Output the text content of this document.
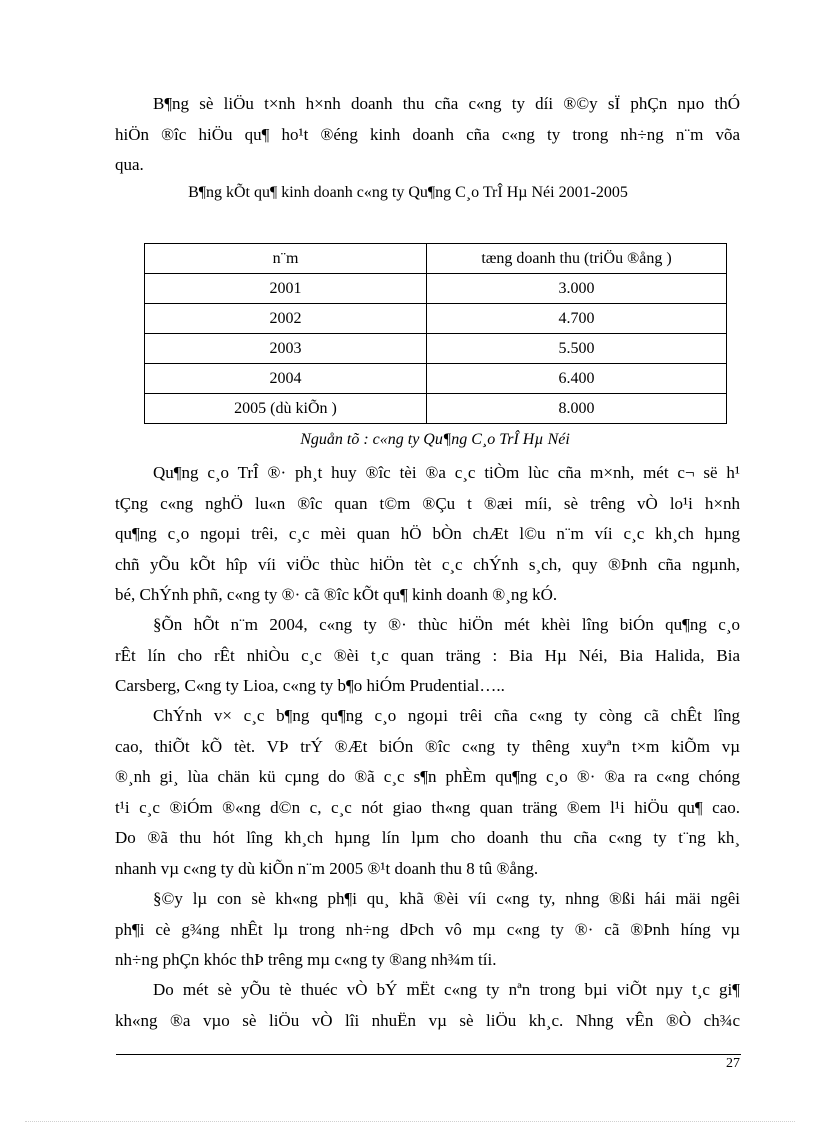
B¶ng sè liÖu t×nh h×nh doanh thu cña c«ng ty díi ®©y sÏ phÇn nµo thÓ
hiÖn ®îc hiÖu qu¶ ho¹t ®éng kinh doanh cña c«ng ty trong nh÷ng n¨m võa
qua.
B¶ng kÕt qu¶ kinh doanh c«ng ty Qu¶ng C¸o TrÎ Hµ Néi 2001-2005
n¨m	tæng doanh thu (triÖu ®ång )
2001	3.000
2002	4.700
2003	5.500
2004	6.400
2005 (dù kiÕn )	8.000
Nguån tõ : c«ng ty Qu¶ng C¸o TrÎ Hµ Néi
Qu¶ng c¸o TrÎ ®· ph¸t huy ®îc tèi ®a c¸c tiÒm lùc cña m×nh, mét c¬ së h¹
tÇng c«ng nghÖ lu«n ®îc quan t©m ®Çu t ®æi míi, sè trêng vÒ lo¹i h×nh
qu¶ng c¸o ngoµi trêi, c¸c mèi quan hÖ bÒn chÆt l©u n¨m víi c¸c kh¸ch hµng
chñ yÕu kÕt hîp víi viÖc thùc hiÖn tèt c¸c chÝnh s¸ch, quy ®Þnh cña ngµnh,
bé, ChÝnh phñ, c«ng ty ®· cã ®îc kÕt qu¶ kinh doanh ®¸ng kÓ.
§Õn hÕt n¨m 2004, c«ng ty ®· thùc hiÖn mét khèi lîng biÓn qu¶ng c¸o
rÊt lín cho rÊt nhiÒu c¸c ®èi t¸c quan träng : Bia Hµ Néi, Bia Halida, Bia
Carsberg, C«ng ty Lioa, c«ng ty b¶o hiÓm Prudential…..
ChÝnh v× c¸c b¶ng qu¶ng c¸o ngoµi trêi cña c«ng ty còng cã chÊt lîng
cao, thiÕt kÕ tèt. VÞ trÝ ®Æt biÓn ®îc c«ng ty thêng xuyªn t×m kiÕm vµ
®¸nh gi¸ lùa chän kü cµng do ®ã c¸c s¶n phÈm qu¶ng c¸o ®· ®a ra c«ng chóng
t¹i c¸c ®iÓm ®«ng d©n c, c¸c nót giao th«ng quan träng ®em l¹i hiÖu qu¶ cao.
Do ®ã thu hót lîng kh¸ch hµng lín lµm cho doanh thu cña c«ng ty t¨ng kh¸
nhanh vµ c«ng ty dù kiÕn n¨m 2005 ®¹t doanh thu 8 tû ®ång.
§©y lµ con sè kh«ng ph¶i qu¸ khã ®èi víi c«ng ty, nhng ®ßi hái mäi ngêi
ph¶i cè g¾ng nhÊt lµ trong nh÷ng dÞch vô mµ c«ng ty ®· cã ®Þnh híng vµ
nh÷ng phÇn khóc thÞ trêng mµ c«ng ty ®ang nh¾m tíi.
Do mét sè yÕu tè thuéc vÒ bÝ mËt c«ng ty nªn trong bµi viÕt nµy t¸c gi¶
kh«ng ®a vµo sè liÖu vÒ lîi nhuËn vµ sè liÖu kh¸c. Nhng vÊn ®Ò ch¾c
27
